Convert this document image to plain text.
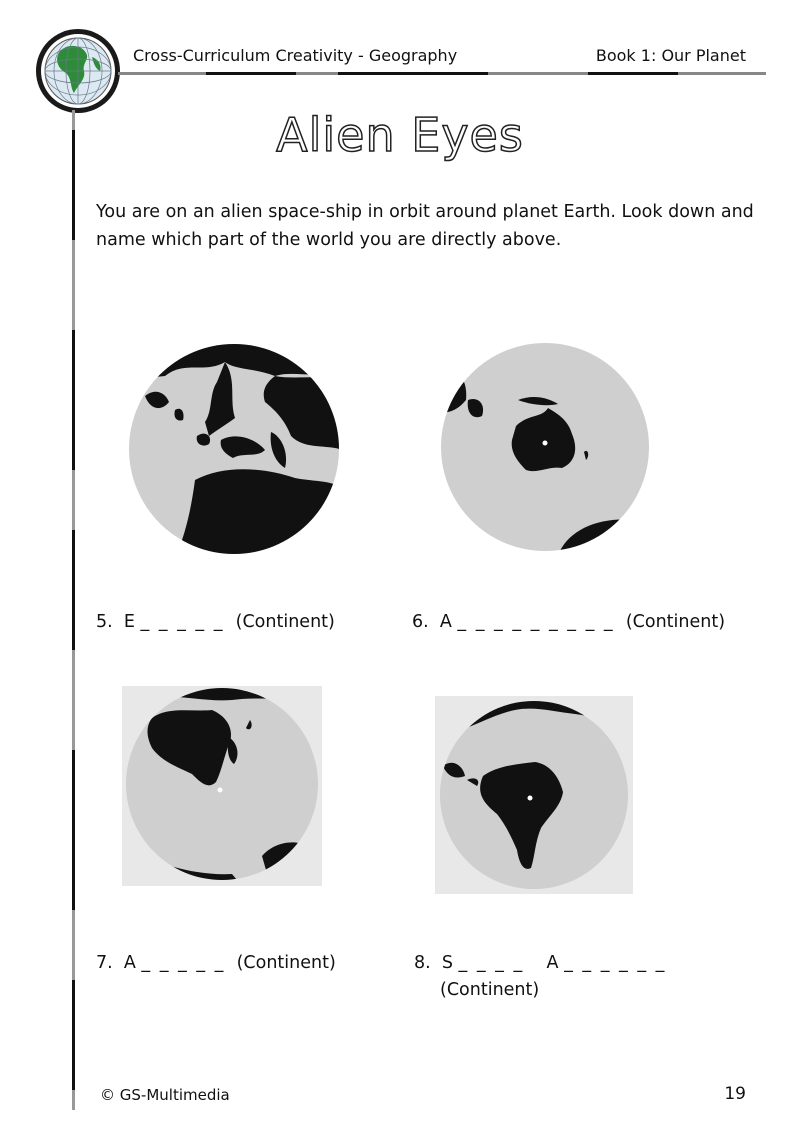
Cross-Curriculum Creativity - Geography	Book 1: Our Planet
Alien Eyes
You are on an alien space-ship in orbit around planet Earth. Look down and name which part of the world you are directly above.
5. E _ _ _ _ _ (Continent)	6. A _ _ _ _ _ _ _ _ _ (Continent)
7. A _ _ _ _ _ (Continent)	8. S _ _ _ _ A _ _ _ _ _ _
(Continent)
© GS-Multimedia	19
